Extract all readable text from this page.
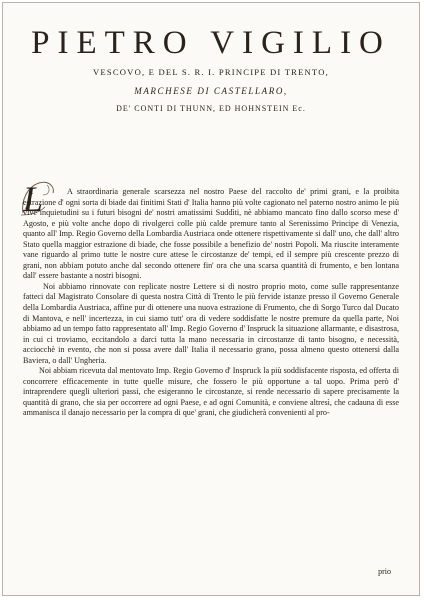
PIETRO VIGILIO

VESCOVO, E DEL S. R. I. PRINCIPE DI TRENTO,

MARCHESE DI CASTELLARO,

DE' CONTI DI THUNN, ED HOHNSTEIN Ec.

L	A straordinaria generale scarsezza nel nostro Paese del raccolto de' primi grani, e la proibita estrazione d' ogni sorta di biade dai finitimi Stati d' Italia hanno più volte cagionato nel paterno nostro animo le più vive inquietudini su i futuri bisogni de' nostri amatissimi Suddìti, nè abbiamo mancato fino dallo scorso mese d' Agosto, e più volte anche dopo di rivolgerci colle più calde premure tanto al Serenissimo Principe di Venezia, quanto all' Imp. Regio Governo della Lombardia Austriaca onde ottenere rispettivamente si dall' uno, che dall' altro Stato quella maggior estrazione di biade, che fosse possibile a benefizio de' nostri Popoli. Ma riuscite interamente vane riguardo al primo tutte le nostre cure attese le circostanze de' tempi, ed il sempre più crescente prezzo di grani, non abbiam potuto anche dal secondo ottenere fin' ora che una scarsa quantità di frumento, e ben lontana dall' essere bastante a nostri bisogni.

Noi abbiamo rinnovate con replicate nostre Lettere si di nostro proprio moto, come sulle rappresentanze fatteci dal Magistrato Consolare di questa nostra Città di Trento le più fervide istanze presso il Governo Generale della Lombardia Austriaca, affine pur di ottenere una nuova estrazione di Frumento, che di Sorgo Turco dal Ducato di Mantova, e nell' incertezza, in cui siamo tutt' ora di vedere soddisfatte le nostre premure da quella parte, Noi abbiamo ad un tempo fatto rappresentato all' Imp. Regio Governo d' Inspruck la situazione allarmante, e disastrosa, in cui ci troviamo, eccitandolo a darci tutta la mano necessaria in circostanze di tanto bisogno, e necessità, acciocchè in evento, che non si possa avere dall' Italia il necessario grano, possa almeno questo ottenersi dalla Baviera, o dall' Ungheria.

Noi abbiam ricevuta dal mentovato Imp. Regio Governo d' Inspruck la più soddisfacente risposta, ed offerta di concorrere efficacemente in tutte quelle misure, che fossero le più opportune a tal uopo. Prima però d' intraprendere quegli ulteriori passi, che esigeranno le circostanze, si rende necessario di sapere precisamente la quantità di grano, che sia per occorrere ad ogni Paese, e ad ogni Comunità, e conviene altresì, che cadauna di esse ammanisca il danajo necessario per la compra di que' grani, che giudicherà convenienti al pro-

prio
